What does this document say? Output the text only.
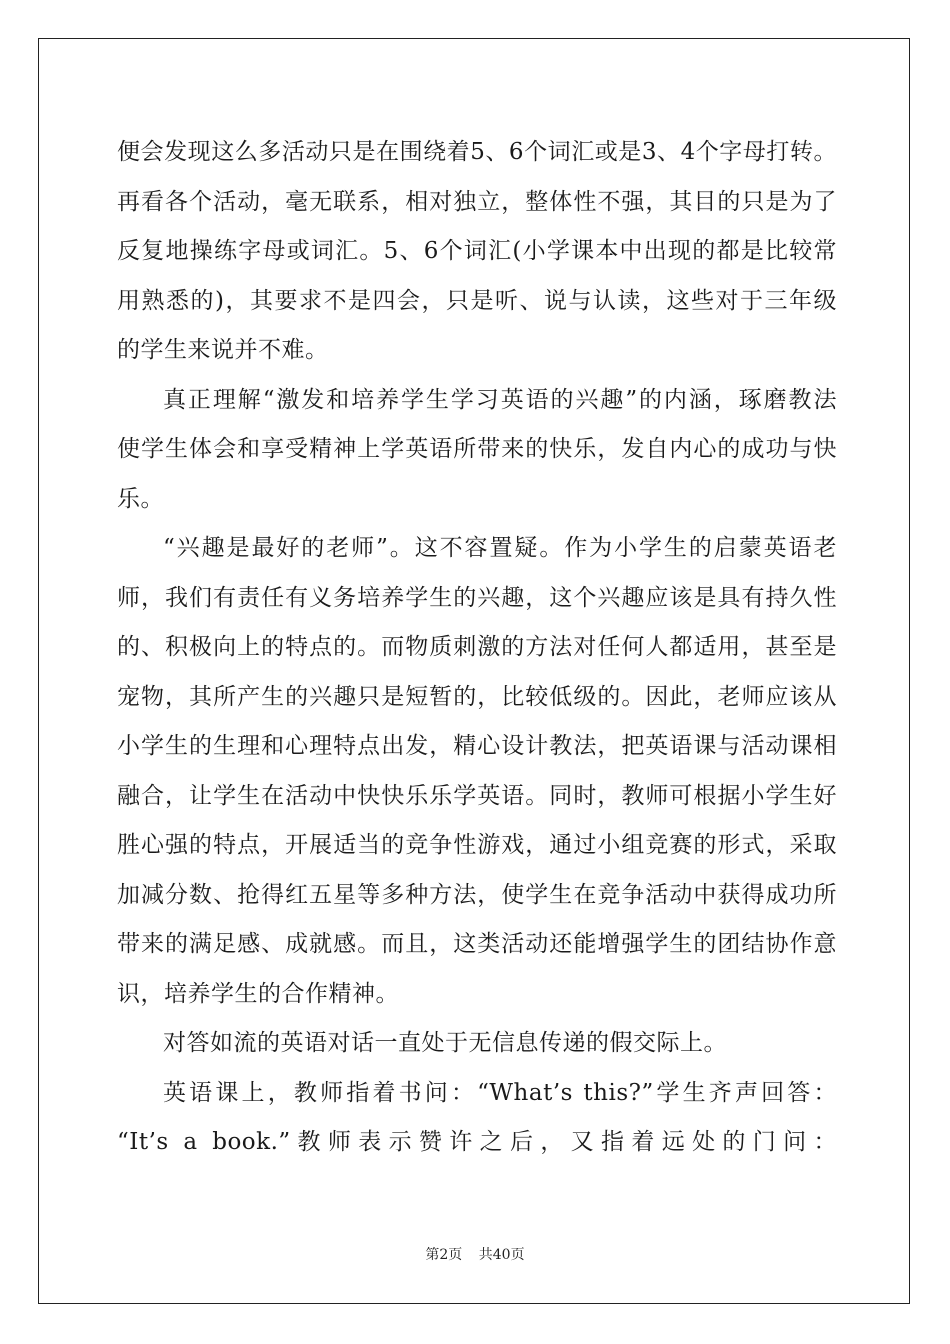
便会发现这么多活动只是在围绕着5、6个词汇或是3、4个字母打转。
再看各个活动，毫无联系，相对独立，整体性不强，其目的只是为了
反复地操练字母或词汇。5、6个词汇(小学课本中出现的都是比较常
用熟悉的)，其要求不是四会，只是听、说与认读，这些对于三年级
的学生来说并不难。
真正理解“激发和培养学生学习英语的兴趣”的内涵，琢磨教法
使学生体会和享受精神上学英语所带来的快乐，发自内心的成功与快
乐。
“兴趣是最好的老师”。这不容置疑。作为小学生的启蒙英语老
师，我们有责任有义务培养学生的兴趣，这个兴趣应该是具有持久性
的、积极向上的特点的。而物质刺激的方法对任何人都适用，甚至是
宠物，其所产生的兴趣只是短暂的，比较低级的。因此，老师应该从
小学生的生理和心理特点出发，精心设计教法，把英语课与活动课相
融合，让学生在活动中快快乐乐学英语。同时，教师可根据小学生好
胜心强的特点，开展适当的竞争性游戏，通过小组竞赛的形式，采取
加减分数、抢得红五星等多种方法，使学生在竞争活动中获得成功所
带来的满足感、成就感。而且，这类活动还能增强学生的团结协作意
识，培养学生的合作精神。
对答如流的英语对话一直处于无信息传递的假交际上。
英语课上，教师指着书问：“What’s this?”学生齐声回答：
“It’s a book.”教师表示赞许之后，又指着远处的门问：
第2页 共40页
